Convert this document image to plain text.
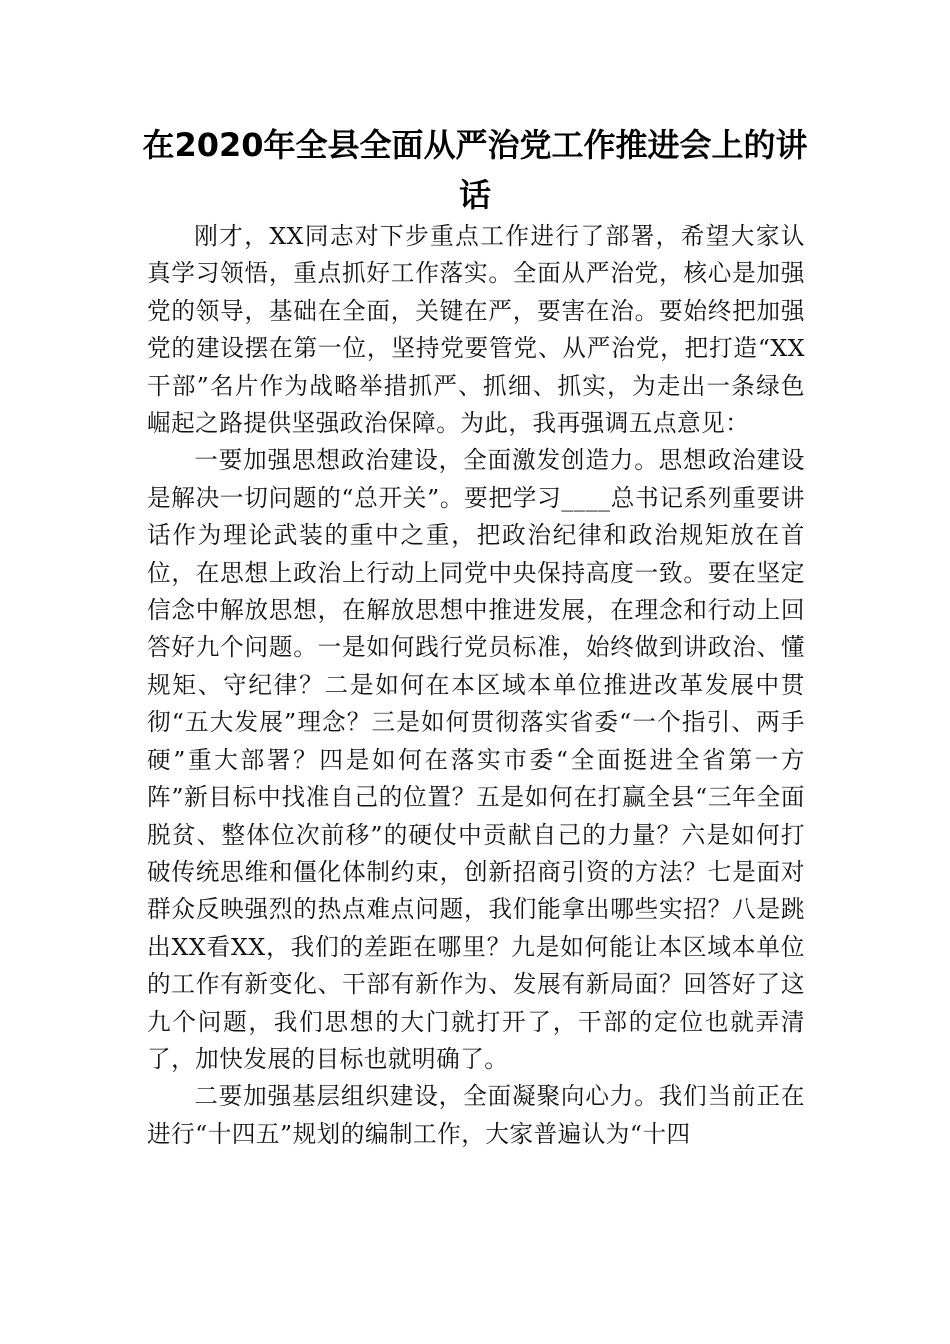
在2020年全县全面从严治党工作推进会上的讲话

刚才，XX同志对下步重点工作进行了部署，希望大家认真学习领悟，重点抓好工作落实。全面从严治党，核心是加强党的领导，基础在全面，关键在严，要害在治。要始终把加强党的建设摆在第一位，坚持党要管党、从严治党，把打造“XX干部”名片作为战略举措抓严、抓细、抓实，为走出一条绿色崛起之路提供坚强政治保障。为此，我再强调五点意见：

一要加强思想政治建设，全面激发创造力。思想政治建设是解决一切问题的“总开关”。要把学习____总书记系列重要讲话作为理论武装的重中之重，把政治纪律和政治规矩放在首位，在思想上政治上行动上同党中央保持高度一致。要在坚定信念中解放思想，在解放思想中推进发展，在理念和行动上回答好九个问题。一是如何践行党员标准，始终做到讲政治、懂规矩、守纪律？二是如何在本区域本单位推进改革发展中贯彻“五大发展”理念？三是如何贯彻落实省委“一个指引、两手硬”重大部署？四是如何在落实市委“全面挺进全省第一方阵”新目标中找准自己的位置？五是如何在打赢全县“三年全面脱贫、整体位次前移”的硬仗中贡献自己的力量？六是如何打破传统思维和僵化体制约束，创新招商引资的方法？七是面对群众反映强烈的热点难点问题，我们能拿出哪些实招？八是跳出XX看XX，我们的差距在哪里？九是如何能让本区域本单位的工作有新变化、干部有新作为、发展有新局面？回答好了这九个问题，我们思想的大门就打开了，干部的定位也就弄清了，加快发展的目标也就明确了。

二要加强基层组织建设，全面凝聚向心力。我们当前正在进行“十四五”规划的编制工作，大家普遍认为“十四
